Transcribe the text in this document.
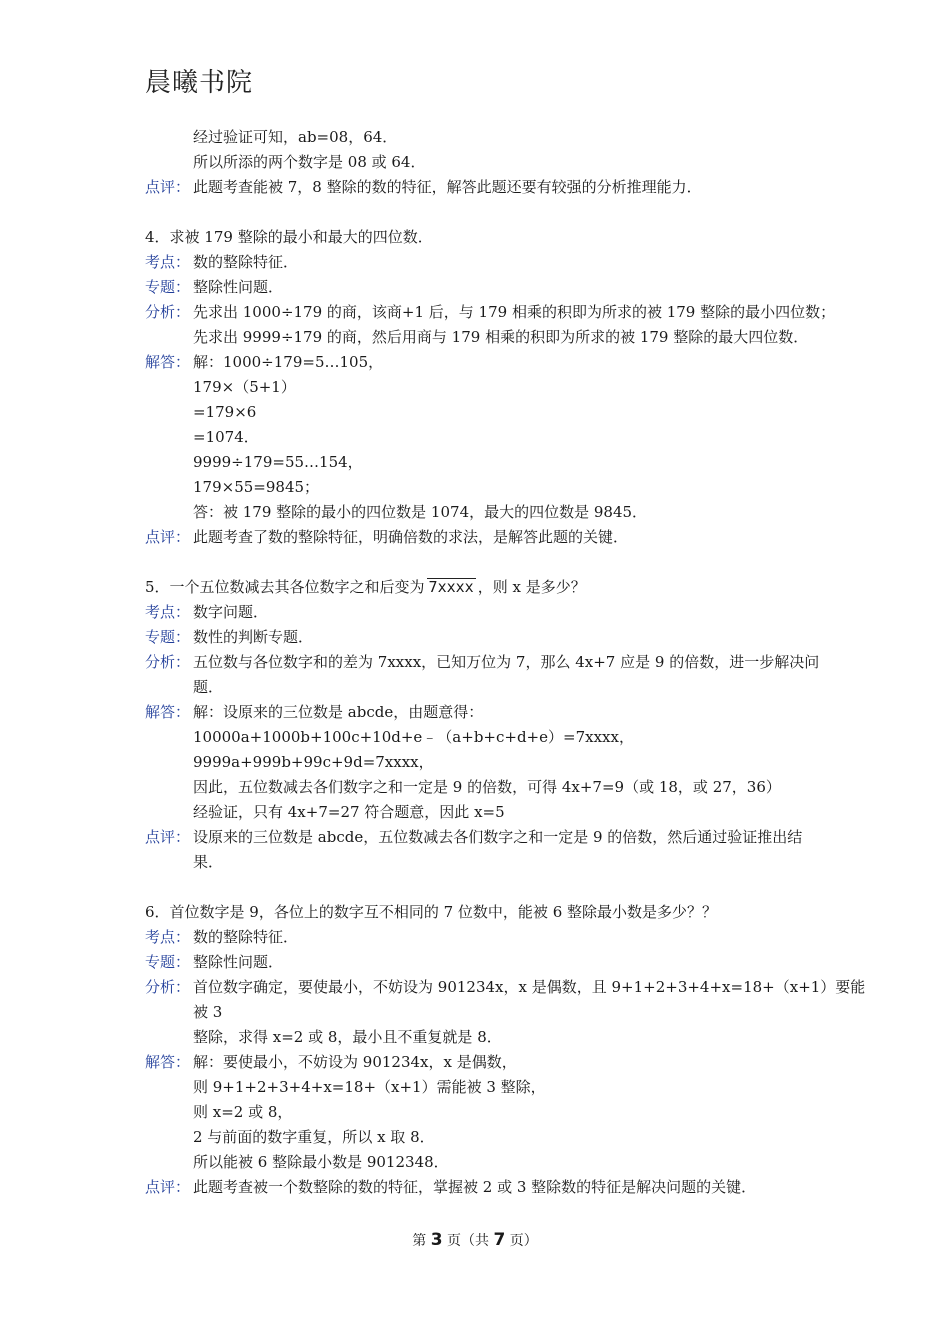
晨曦书院
经过验证可知，ab=08，64．
所以所添的两个数字是 08 或 64．
点评： 此题考查能被 7，8 整除的数的特征，解答此题还要有较强的分析推理能力．
4．求被 179 整除的最小和最大的四位数．
考点： 数的整除特征．
专题： 整除性问题．
分析： 先求出 1000÷179 的商，该商+1 后，与 179 相乘的积即为所求的被 179 整除的最小四位数；
先求出 9999÷179 的商，然后用商与 179 相乘的积即为所求的被 179 整除的最大四位数．
解答： 解：1000÷179=5…105，
179×（5+1）
=179×6
=1074．
9999÷179=55…154，
179×55=9845；
答：被 179 整除的最小的四位数是 1074，最大的四位数是 9845．
点评： 此题考查了数的整除特征，明确倍数的求法，是解答此题的关键．
5．一个五位数减去其各位数字之和后变为 7xxxx ，则 x 是多少？
考点： 数字问题．
专题： 数性的判断专题．
分析： 五位数与各位数字和的差为 7xxxx，已知万位为 7，那么 4x+7 应是 9 的倍数，进一步解决问
题．
解答： 解：设原来的三位数是 abcde，由题意得：
10000a+1000b+100c+10d+e﹣（a+b+c+d+e）=7xxxx，
9999a+999b+99c+9d=7xxxx，
因此，五位数减去各们数字之和一定是 9 的倍数，可得 4x+7=9（或 18，或 27，36）
经验证，只有 4x+7=27 符合题意，因此 x=5
点评： 设原来的三位数是 abcde，五位数减去各们数字之和一定是 9 的倍数，然后通过验证推出结
果．
6．首位数字是 9，各位上的数字互不相同的 7 位数中，能被 6 整除最小数是多少？？
考点： 数的整除特征．
专题： 整除性问题．
分析： 首位数字确定，要使最小，不妨设为 901234x，x 是偶数，且 9+1+2+3+4+x=18+（x+1）要能被 3
整除，求得 x=2 或 8，最小且不重复就是 8．
解答： 解：要使最小，不妨设为 901234x，x 是偶数，
则 9+1+2+3+4+x=18+（x+1）需能被 3 整除，
则 x=2 或 8，
2 与前面的数字重复，所以 x 取 8．
所以能被 6 整除最小数是 9012348．
点评： 此题考查被一个数整除的数的特征，掌握被 2 或 3 整除数的特征是解决问题的关键．
第 3 页（共 7 页）
